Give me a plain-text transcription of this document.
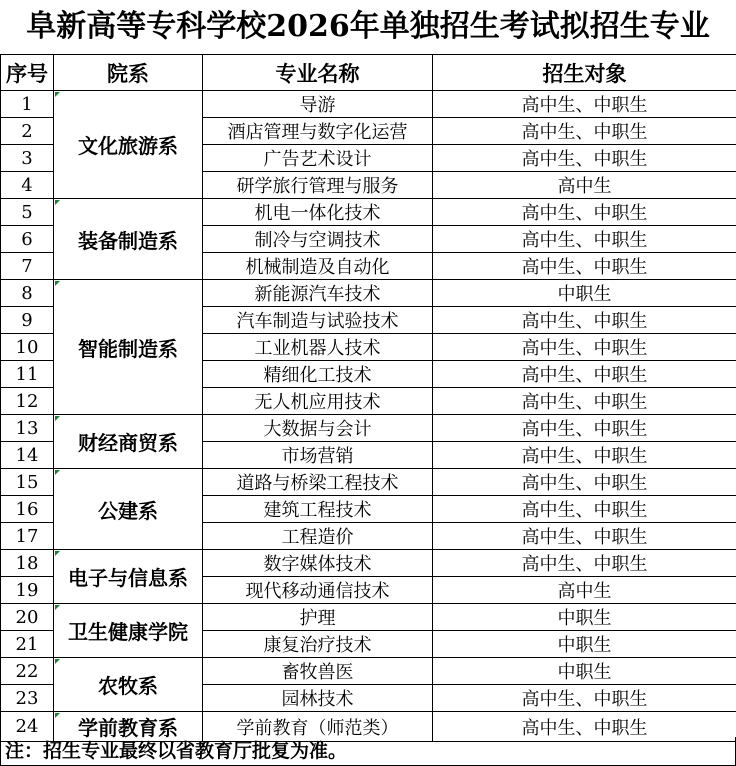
阜新高等专科学校2026年单独招生考试拟招生专业
序号	院系	专业名称	招生对象
1	文化旅游系	导游	高中生、中职生
2		酒店管理与数字化运营	高中生、中职生
3		广告艺术设计	高中生、中职生
4		研学旅行管理与服务	高中生
5	装备制造系	机电一体化技术	高中生、中职生
6		制冷与空调技术	高中生、中职生
7		机械制造及自动化	高中生、中职生
8	智能制造系	新能源汽车技术	中职生
9		汽车制造与试验技术	高中生、中职生
10		工业机器人技术	高中生、中职生
11		精细化工技术	高中生、中职生
12		无人机应用技术	高中生、中职生
13	财经商贸系	大数据与会计	高中生、中职生
14		市场营销	高中生、中职生
15	公建系	道路与桥梁工程技术	高中生、中职生
16		建筑工程技术	高中生、中职生
17		工程造价	高中生、中职生
18	电子与信息系	数字媒体技术	高中生、中职生
19		现代移动通信技术	高中生
20	卫生健康学院	护理	中职生
21		康复治疗技术	中职生
22	农牧系	畜牧兽医	中职生
23		园林技术	高中生、中职生
24	学前教育系	学前教育（师范类）	高中生、中职生
注：招生专业最终以省教育厅批复为准。
